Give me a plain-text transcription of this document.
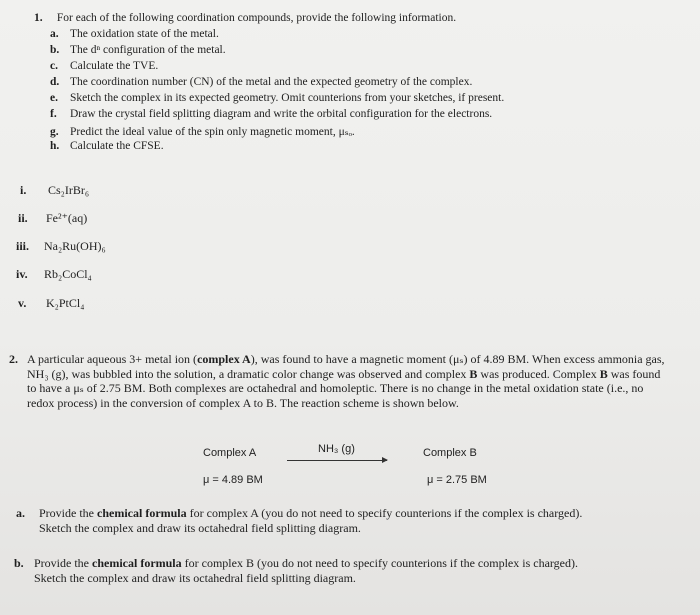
1. For each of the following coordination compounds, provide the following information.
a. The oxidation state of the metal.
b. The dⁿ configuration of the metal.
c. Calculate the TVE.
d. The coordination number (CN) of the metal and the expected geometry of the complex.
e. Sketch the complex in its expected geometry. Omit counterions from your sketches, if present.
f. Draw the crystal field splitting diagram and write the orbital configuration for the electrons.
g. Predict the ideal value of the spin only magnetic moment, μₛₒ.
h. Calculate the CFSE.
i. Cs₂IrBr₆
ii. Fe²⁺(aq)
iii. Na₂Ru(OH)₆
iv. Rb₂CoCl₄
v. K₂PtCl₄
2. A particular aqueous 3+ metal ion (complex A), was found to have a magnetic moment (μₛ) of 4.89 BM. When excess ammonia gas, NH₃ (g), was bubbled into the solution, a dramatic color change was observed and complex B was produced. Complex B was found to have a μₛ of 2.75 BM. Both complexes are octahedral and homoleptic. There is no change in the metal oxidation state (i.e., no redox process) in the conversion of complex A to B. The reaction scheme is shown below.
Complex A
μ = 4.89 BM
NH₃ (g)	Complex B
μ = 2.75 BM
a. Provide the chemical formula for complex A (you do not need to specify counterions if the complex is charged).
Sketch the complex and draw its octahedral field splitting diagram.
b. Provide the chemical formula for complex B (you do not need to specify counterions if the complex is charged).
Sketch the complex and draw its octahedral field splitting diagram.
